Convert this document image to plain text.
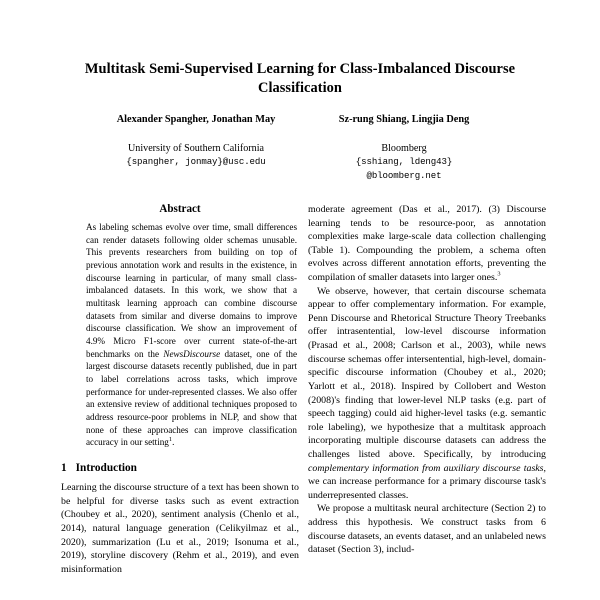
Multitask Semi-Supervised Learning for Class-Imbalanced Discourse Classification

Alexander Spangher, Jonathan May

University of Southern California

{spangher, jonmay}@usc.edu

Sz-rung Shiang, Lingjia Deng

Bloomberg

{sshiang, ldeng43}

@bloomberg.net

Abstract

As labeling schemas evolve over time, small differences can render datasets following older schemas unusable. This prevents researchers from building on top of previous annotation work and results in the existence, in discourse learning in particular, of many small class-imbalanced datasets. In this work, we show that a multitask learning approach can combine discourse datasets from similar and diverse domains to improve discourse classification. We show an improvement of 4.9% Micro F1-score over current state-of-the-art benchmarks on the NewsDiscourse dataset, one of the largest discourse datasets recently published, due in part to label correlations across tasks, which improve performance for under-represented classes. We also offer an extensive review of additional techniques proposed to address resource-poor problems in NLP, and show that none of these approaches can improve classification accuracy in our setting$^1$.

1 Introduction

Learning the discourse structure of a text has been shown to be helpful for diverse tasks such as event extraction (Choubey et al., 2020), sentiment analysis (Chenlo et al., 2014), natural language generation (Celikyilmaz et al., 2020), summarization (Lu et al., 2019; Isonuma et al., 2019), storyline discovery (Rehm et al., 2019), and even misinformation

moderate agreement (Das et al., 2017). (3) Discourse learning tends to be resource-poor, as annotation complexities make large-scale data collection challenging (Table 1). Compounding the problem, a schema often evolves across different annotation efforts, preventing the compilation of smaller datasets into larger ones.$^3$

We observe, however, that certain discourse schemata appear to offer complementary information. For example, Penn Discourse and Rhetorical Structure Theory Treebanks offer intrasentential, low-level discourse information (Prasad et al., 2008; Carlson et al., 2003), while news discourse schemas offer intersentential, high-level, domain-specific discourse information (Choubey et al., 2020; Yarlott et al., 2018). Inspired by Collobert and Weston (2008)'s finding that lower-level NLP tasks (e.g. part of speech tagging) could aid higher-level tasks (e.g. semantic role labeling), we hypothesize that a multitask approach incorporating multiple discourse datasets can address the challenges listed above. Specifically, by introducing complementary information from auxiliary discourse tasks, we can increase performance for a primary discourse task's underrepresented classes.

We propose a multitask neural architecture (Section 2) to address this hypothesis. We construct tasks from 6 discourse datasets, an events dataset, and an unlabeled news dataset (Section 3), includ-
